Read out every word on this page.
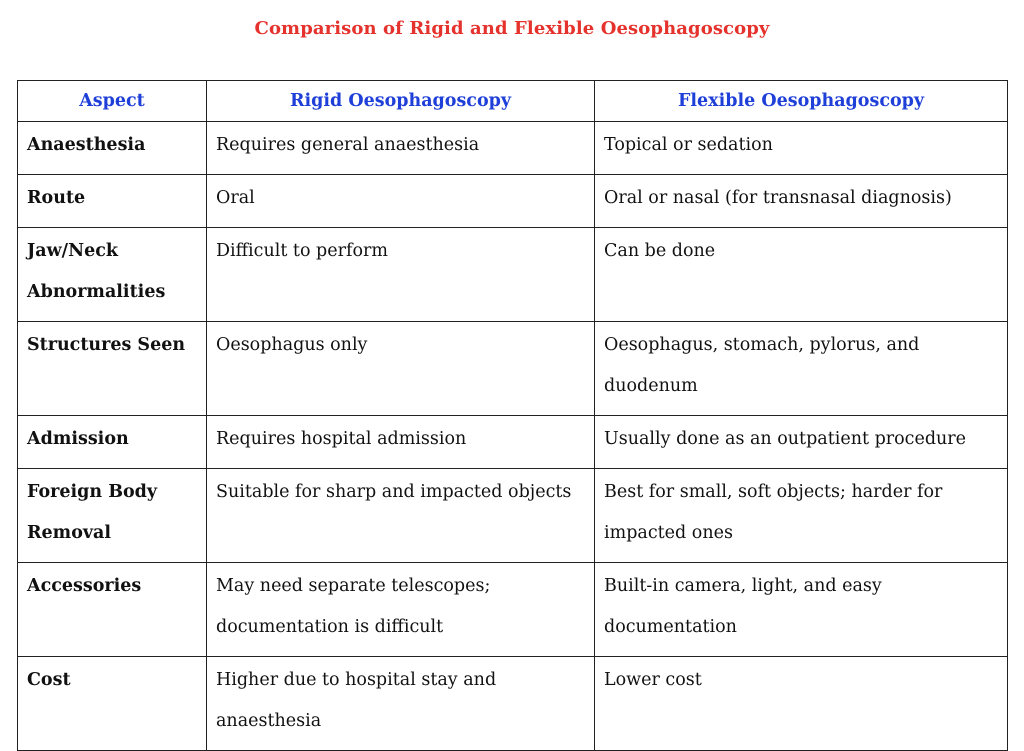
Comparison of Rigid and Flexible Oesophagoscopy
Aspect	Rigid Oesophagoscopy	Flexible Oesophagoscopy

Anaesthesia	Requires general anaesthesia	Topical or sedation

Route	Oral	Oral or nasal (for transnasal diagnosis)

Jaw/Neck Abnormalities	Difficult to perform	Can be done

Structures Seen	Oesophagus only	Oesophagus, stomach, pylorus, and duodenum

Admission	Requires hospital admission	Usually done as an outpatient procedure

Foreign Body Removal	Suitable for sharp and impacted objects	Best for small, soft objects; harder for impacted ones

Accessories	May need separate telescopes; documentation is difficult	Built-in camera, light, and easy documentation

Cost	Higher due to hospital stay and anaesthesia	Lower cost
